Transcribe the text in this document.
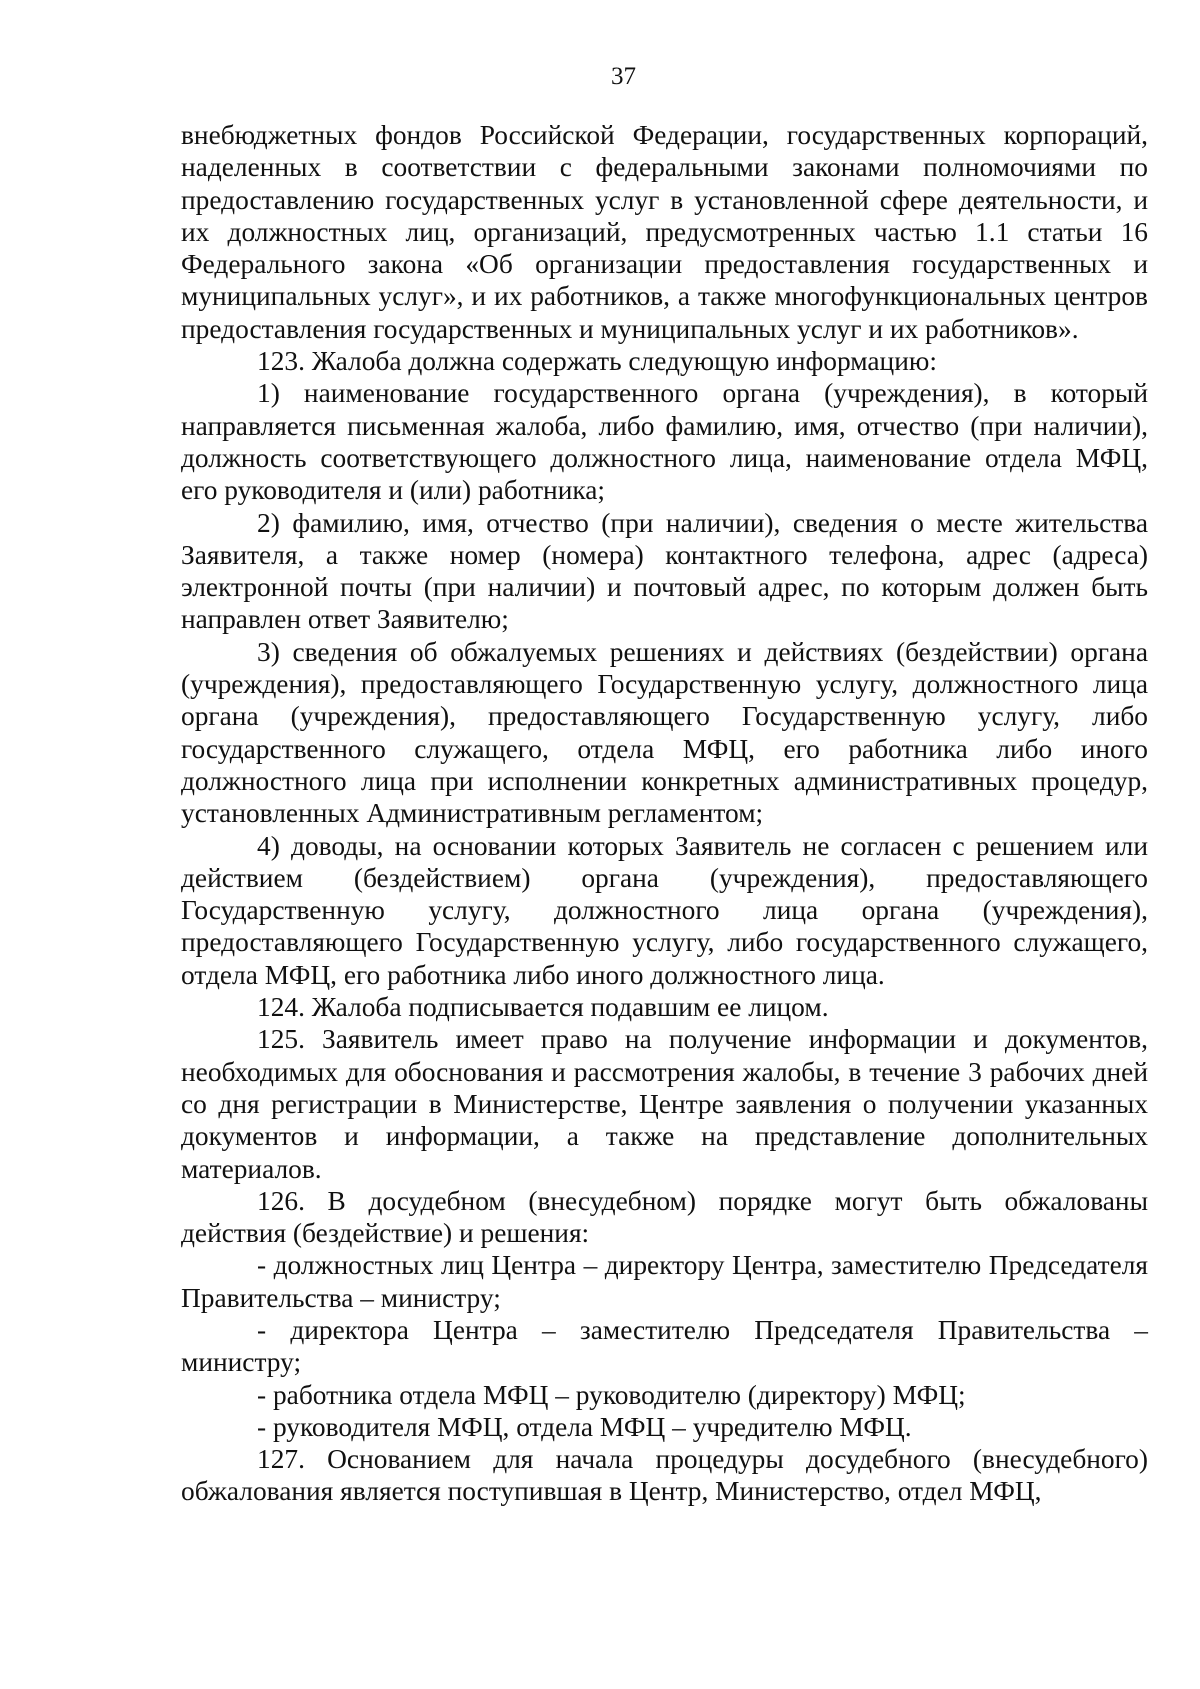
37

внебюджетных фондов Российской Федерации, государственных корпораций, наделенных в соответствии с федеральными законами полномочиями по предоставлению государственных услуг в установленной сфере деятельности, и их должностных лиц, организаций, предусмотренных частью 1.1 статьи 16 Федерального закона «Об организации предоставления государственных и муниципальных услуг», и их работников, а также многофункциональных центров предоставления государственных и муниципальных услуг и их работников».

123. Жалоба должна содержать следующую информацию:

1) наименование государственного органа (учреждения), в который направляется письменная жалоба, либо фамилию, имя, отчество (при наличии), должность соответствующего должностного лица, наименование отдела МФЦ, его руководителя и (или) работника;

2) фамилию, имя, отчество (при наличии), сведения о месте жительства Заявителя, а также номер (номера) контактного телефона, адрес (адреса) электронной почты (при наличии) и почтовый адрес, по которым должен быть направлен ответ Заявителю;

3) сведения об обжалуемых решениях и действиях (бездействии) органа (учреждения), предоставляющего Государственную услугу, должностного лица органа (учреждения), предоставляющего Государственную услугу, либо государственного служащего, отдела МФЦ, его работника либо иного должностного лица при исполнении конкретных административных процедур, установленных Административным регламентом;

4) доводы, на основании которых Заявитель не согласен с решением или действием (бездействием) органа (учреждения), предоставляющего Государственную услугу, должностного лица органа (учреждения), предоставляющего Государственную услугу, либо государственного служащего, отдела МФЦ, его работника либо иного должностного лица.

124. Жалоба подписывается подавшим ее лицом.

125. Заявитель имеет право на получение информации и документов, необходимых для обоснования и рассмотрения жалобы, в течение 3 рабочих дней со дня регистрации в Министерстве, Центре заявления о получении указанных документов и информации, а также на представление дополнительных материалов.

126. В досудебном (внесудебном) порядке могут быть обжалованы действия (бездействие) и решения:

- должностных лиц Центра – директору Центра, заместителю Председателя Правительства – министру;

- директора Центра – заместителю Председателя Правительства – министру;

- работника отдела МФЦ – руководителю (директору) МФЦ;

- руководителя МФЦ, отдела МФЦ – учредителю МФЦ.

127. Основанием для начала процедуры досудебного (внесудебного) обжалования является поступившая в Центр, Министерство, отдел МФЦ,
